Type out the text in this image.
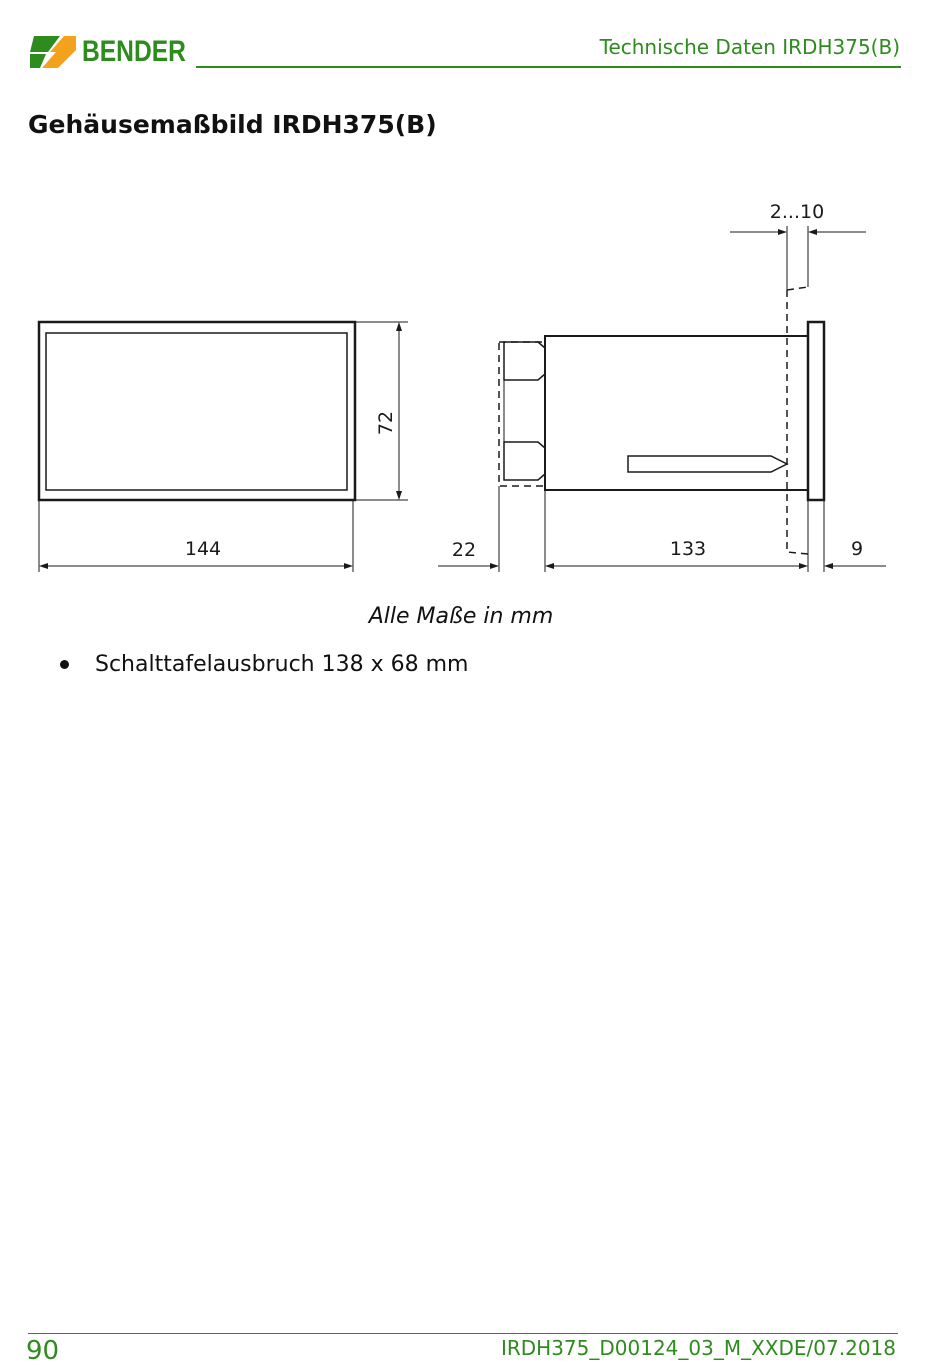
BENDER	Technische Daten IRDH375(B)
Gehäusemaßbild IRDH375(B)
144
72
22	133	9
2...10
Alle Maße in mm
Schalttafelausbruch 138 x 68 mm
90	IRDH375_D00124_03_M_XXDE/07.2018
